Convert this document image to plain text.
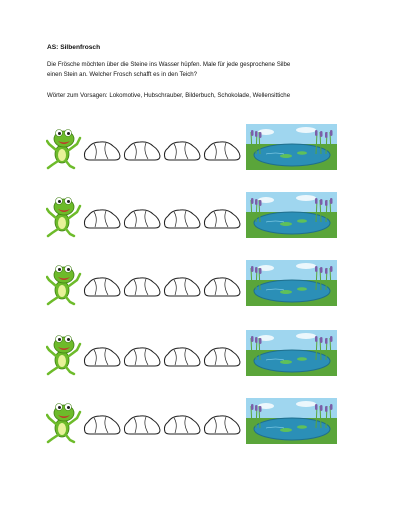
AS: Silbenfrosch
Die Frösche möchten über die Steine ins Wasser hüpfen. Male für jede gesprochene Silbe
einen Stein an. Welcher Frosch schafft es in den Teich?
Wörter zum Vorsagen: Lokomotive, Hubschrauber, Bilderbuch, Schokolade, Wellensittiche
